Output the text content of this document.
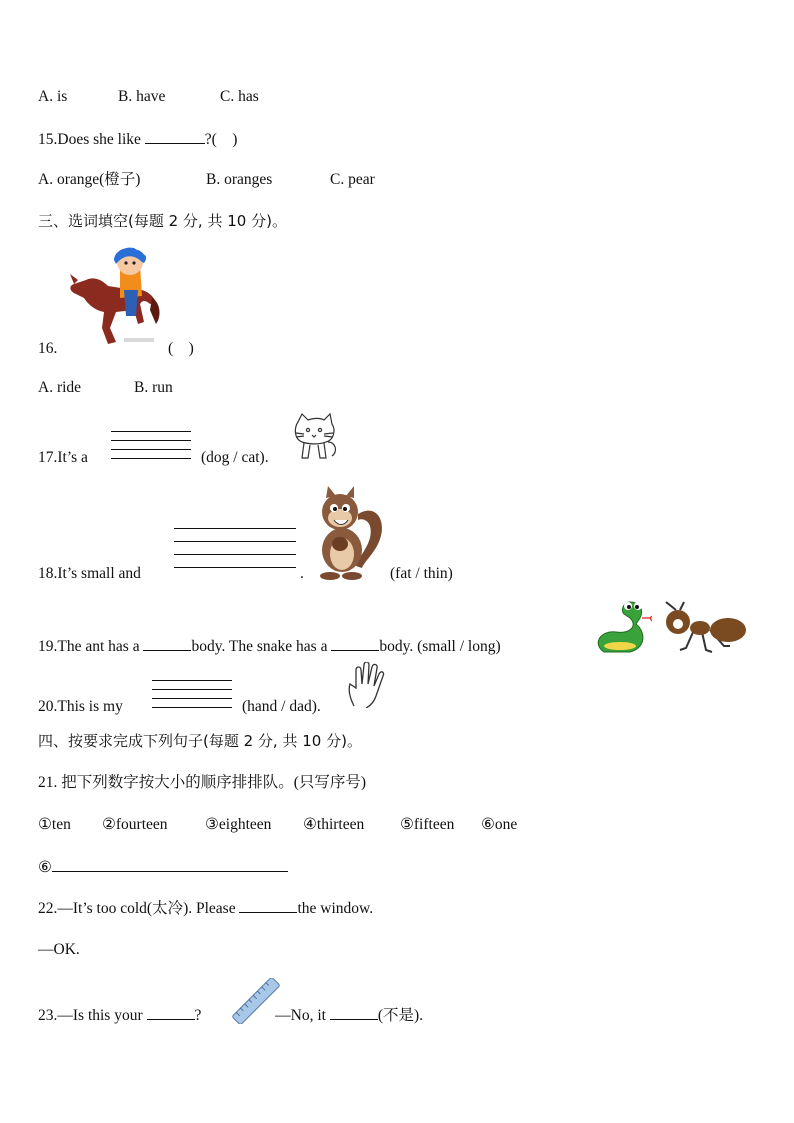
A. is	B. have	C. has
15.Does she like	?(    )
A. orange(橙子)	B. oranges	C. pear
三、选词填空(每题 2 分, 共 10 分)。
16.	(    )
A. ride	B. run
17.It’s a	(dog / cat).
18.It’s small and	.	(fat / thin)
19.The ant has a	body. The snake has a	body. (small / long)
20.This is my	(hand / dad).
四、按要求完成下列句子(每题 2 分, 共 10 分)。
21. 把下列数字按大小的顺序排排队。(只写序号)
①ten ②fourteen ③eighteen ④thirteen ⑤fifteen ⑥one
⑥
22.—It’s too cold(太冷). Please	the window.
—OK.
23.—Is this your	?	—No, it	(不是).
